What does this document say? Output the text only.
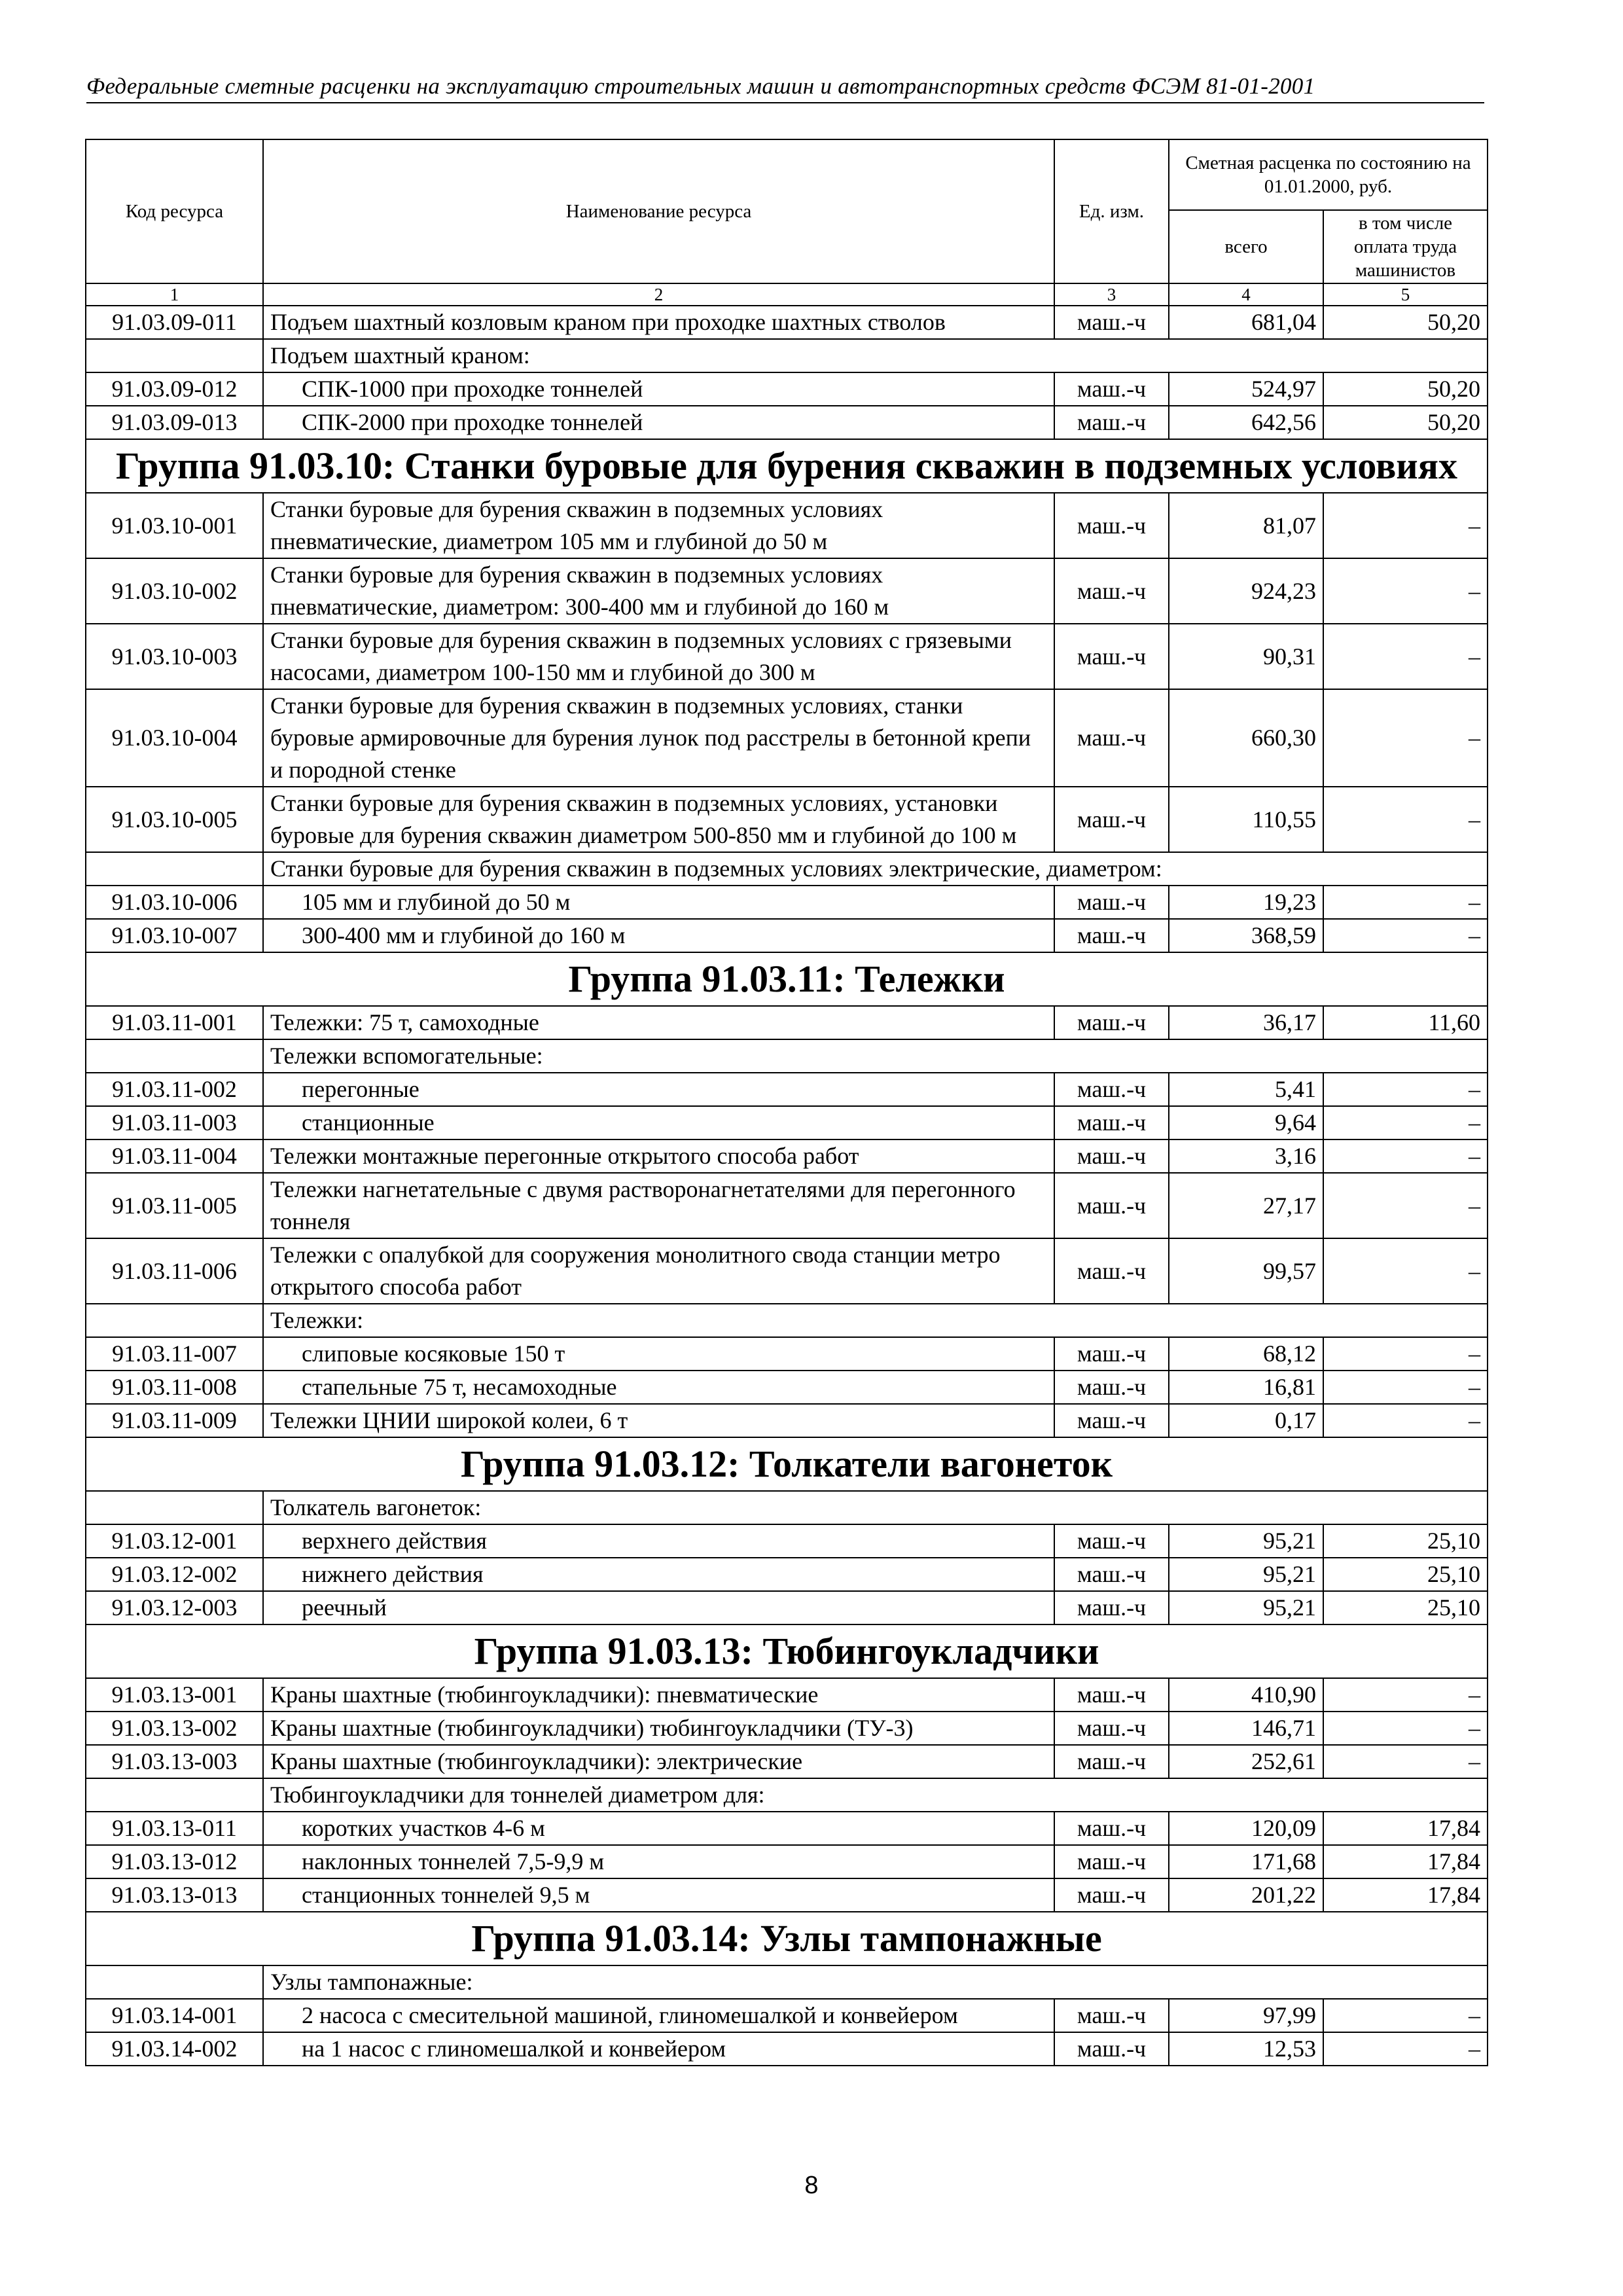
Федеральные сметные расценки на эксплуатацию строительных машин и автотранспортных средств ФСЭМ 81-01-2001
Код ресурса	Наименование ресурса	Ед. изм.	Сметная расценка по состоянию на 01.01.2000, руб.	
			всего	в том числе оплата труда машинистов
1	2	3	4	5
91.03.09-011	Подъем шахтный козловым краном при проходке шахтных стволов	маш.-ч	681,04	50,20
	Подъем шахтный краном:			
91.03.09-012	СПК-1000 при проходке тоннелей	маш.-ч	524,97	50,20
91.03.09-013	СПК-2000 при проходке тоннелей	маш.-ч	642,56	50,20
Группа 91.03.10: Станки буровые для бурения скважин в подземных условиях				
91.03.10-001	Станки буровые для бурения скважин в подземных условиях пневматические, диаметром 105 мм и глубиной до 50 м	маш.-ч	81,07	–
91.03.10-002	Станки буровые для бурения скважин в подземных условиях пневматические, диаметром: 300-400 мм и глубиной до 160 м	маш.-ч	924,23	–
91.03.10-003	Станки буровые для бурения скважин в подземных условиях с грязевыми насосами, диаметром 100-150 мм и глубиной до 300 м	маш.-ч	90,31	–
91.03.10-004	Станки буровые для бурения скважин в подземных условиях, станки буровые армировочные для бурения лунок под расстрелы в бетонной крепи и породной стенке	маш.-ч	660,30	–
91.03.10-005	Станки буровые для бурения скважин в подземных условиях, установки буровые для бурения скважин диаметром 500-850 мм и глубиной до 100 м	маш.-ч	110,55	–
	Станки буровые для бурения скважин в подземных условиях электрические, диаметром:			
91.03.10-006	105 мм и глубиной до 50 м	маш.-ч	19,23	–
91.03.10-007	300-400 мм и глубиной до 160 м	маш.-ч	368,59	–
Группа 91.03.11: Тележки				
91.03.11-001	Тележки: 75 т, самоходные	маш.-ч	36,17	11,60
	Тележки вспомогательные:			
91.03.11-002	перегонные	маш.-ч	5,41	–
91.03.11-003	станционные	маш.-ч	9,64	–
91.03.11-004	Тележки монтажные перегонные открытого способа работ	маш.-ч	3,16	–
91.03.11-005	Тележки нагнетательные с двумя растворонагнетателями для перегонного тоннеля	маш.-ч	27,17	–
91.03.11-006	Тележки с опалубкой для сооружения монолитного свода станции метро открытого способа работ	маш.-ч	99,57	–
	Тележки:			
91.03.11-007	слиповые косяковые 150 т	маш.-ч	68,12	–
91.03.11-008	стапельные 75 т, несамоходные	маш.-ч	16,81	–
91.03.11-009	Тележки ЦНИИ широкой колеи, 6 т	маш.-ч	0,17	–
Группа 91.03.12: Толкатели вагонеток				
	Толкатель вагонеток:			
91.03.12-001	верхнего действия	маш.-ч	95,21	25,10
91.03.12-002	нижнего действия	маш.-ч	95,21	25,10
91.03.12-003	реечный	маш.-ч	95,21	25,10
Группа 91.03.13: Тюбингоукладчики				
91.03.13-001	Краны шахтные (тюбингоукладчики): пневматические	маш.-ч	410,90	–
91.03.13-002	Краны шахтные (тюбингоукладчики) тюбингоукладчики (ТУ-3)	маш.-ч	146,71	–
91.03.13-003	Краны шахтные (тюбингоукладчики): электрические	маш.-ч	252,61	–
	Тюбингоукладчики для тоннелей диаметром для:			
91.03.13-011	коротких участков 4-6 м	маш.-ч	120,09	17,84
91.03.13-012	наклонных тоннелей 7,5-9,9 м	маш.-ч	171,68	17,84
91.03.13-013	станционных тоннелей 9,5 м	маш.-ч	201,22	17,84
Группа 91.03.14: Узлы тампонажные				
	Узлы тампонажные:			
91.03.14-001	2 насоса с смесительной машиной, глиномешалкой и конвейером	маш.-ч	97,99	–
91.03.14-002	на 1 насос с глиномешалкой и конвейером	маш.-ч	12,53	–
8
